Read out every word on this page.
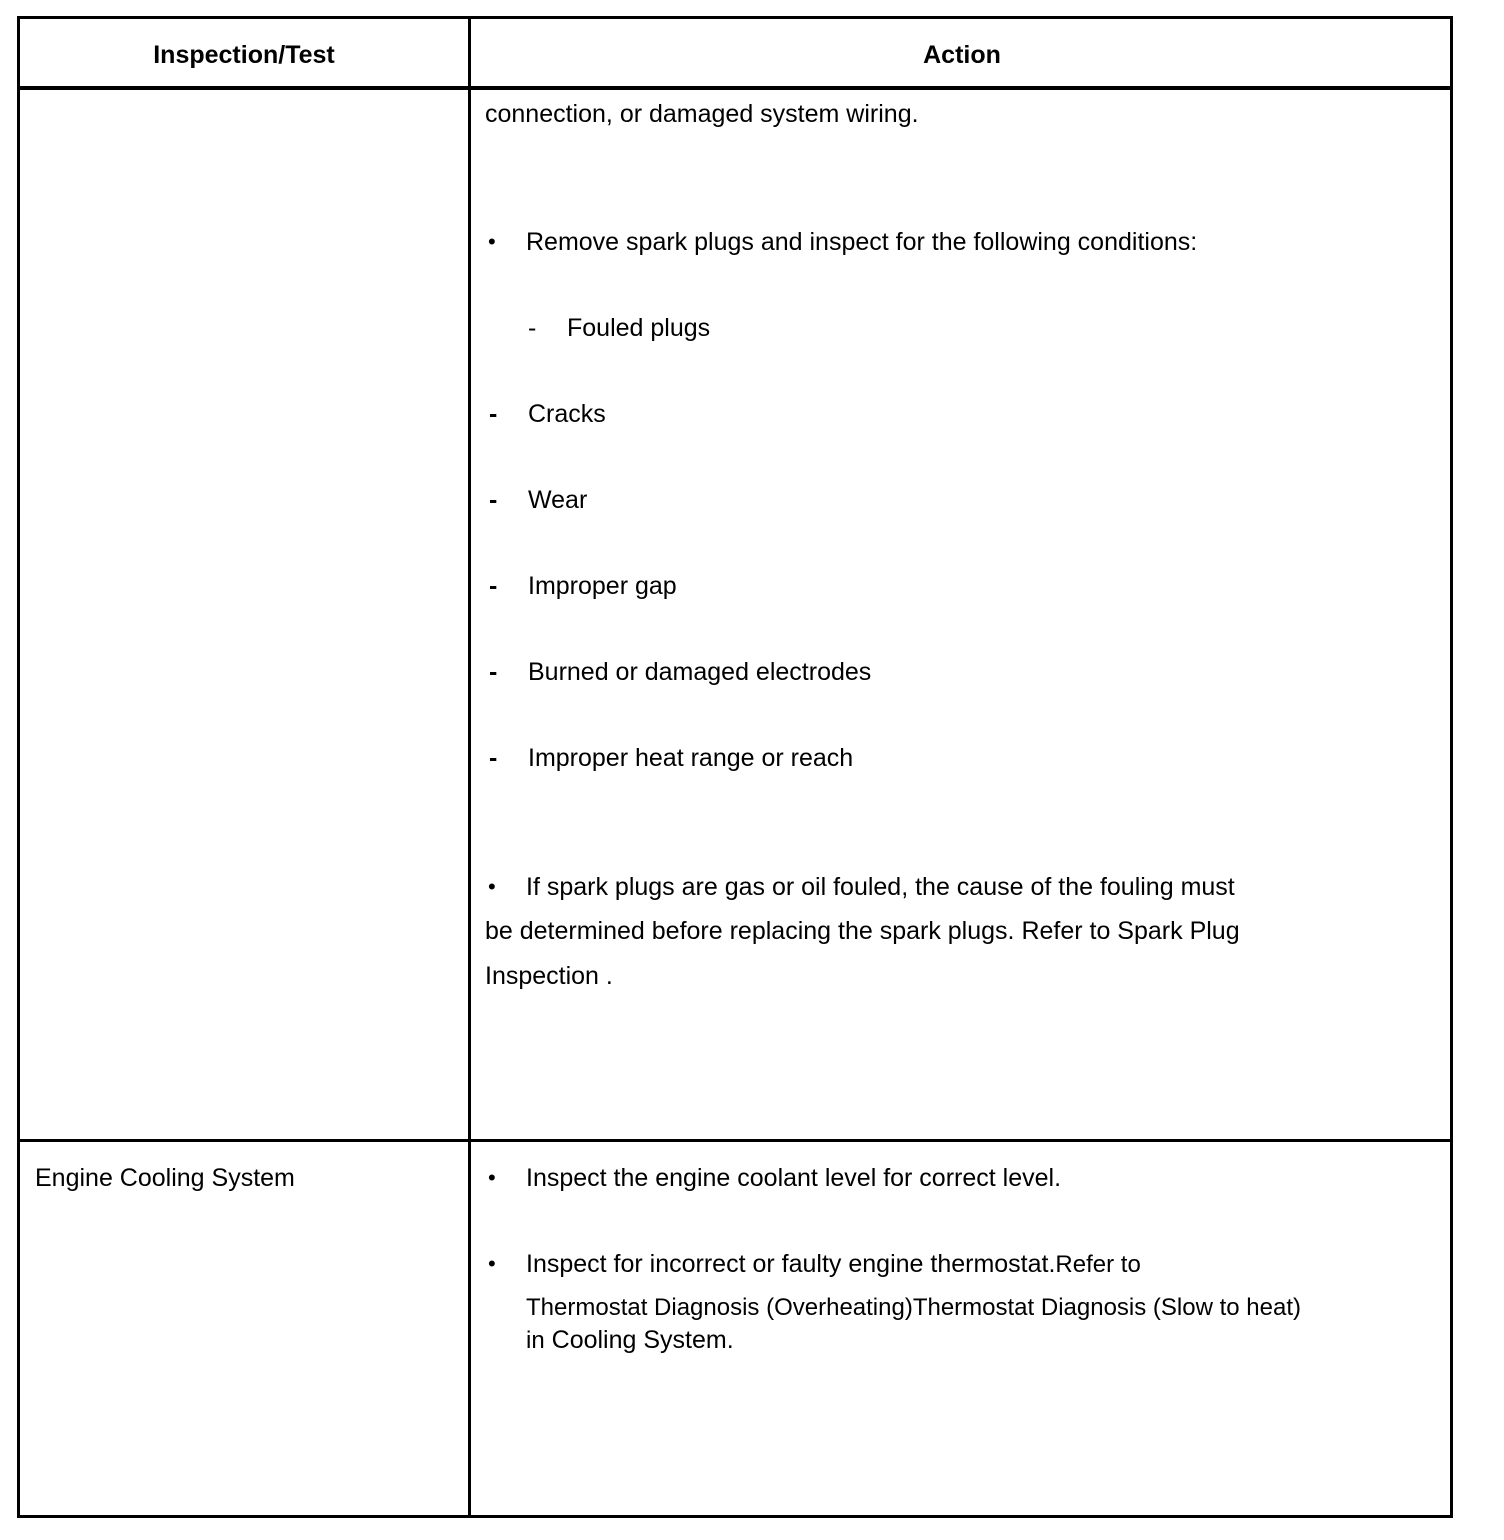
Inspection/Test	Action
connection, or damaged system wiring.
• Remove spark plugs and inspect for the following conditions:
- Fouled plugs
- Cracks
- Wear
- Improper gap
- Burned or damaged electrodes
- Improper heat range or reach
• If spark plugs are gas or oil fouled, the cause of the fouling must
be determined before replacing the spark plugs. Refer to Spark Plug
Inspection .
Engine Cooling System	• Inspect the engine coolant level for correct level.
• Inspect for incorrect or faulty engine thermostat.Refer to
Thermostat Diagnosis (Overheating)Thermostat Diagnosis (Slow to heat)
in Cooling System.
